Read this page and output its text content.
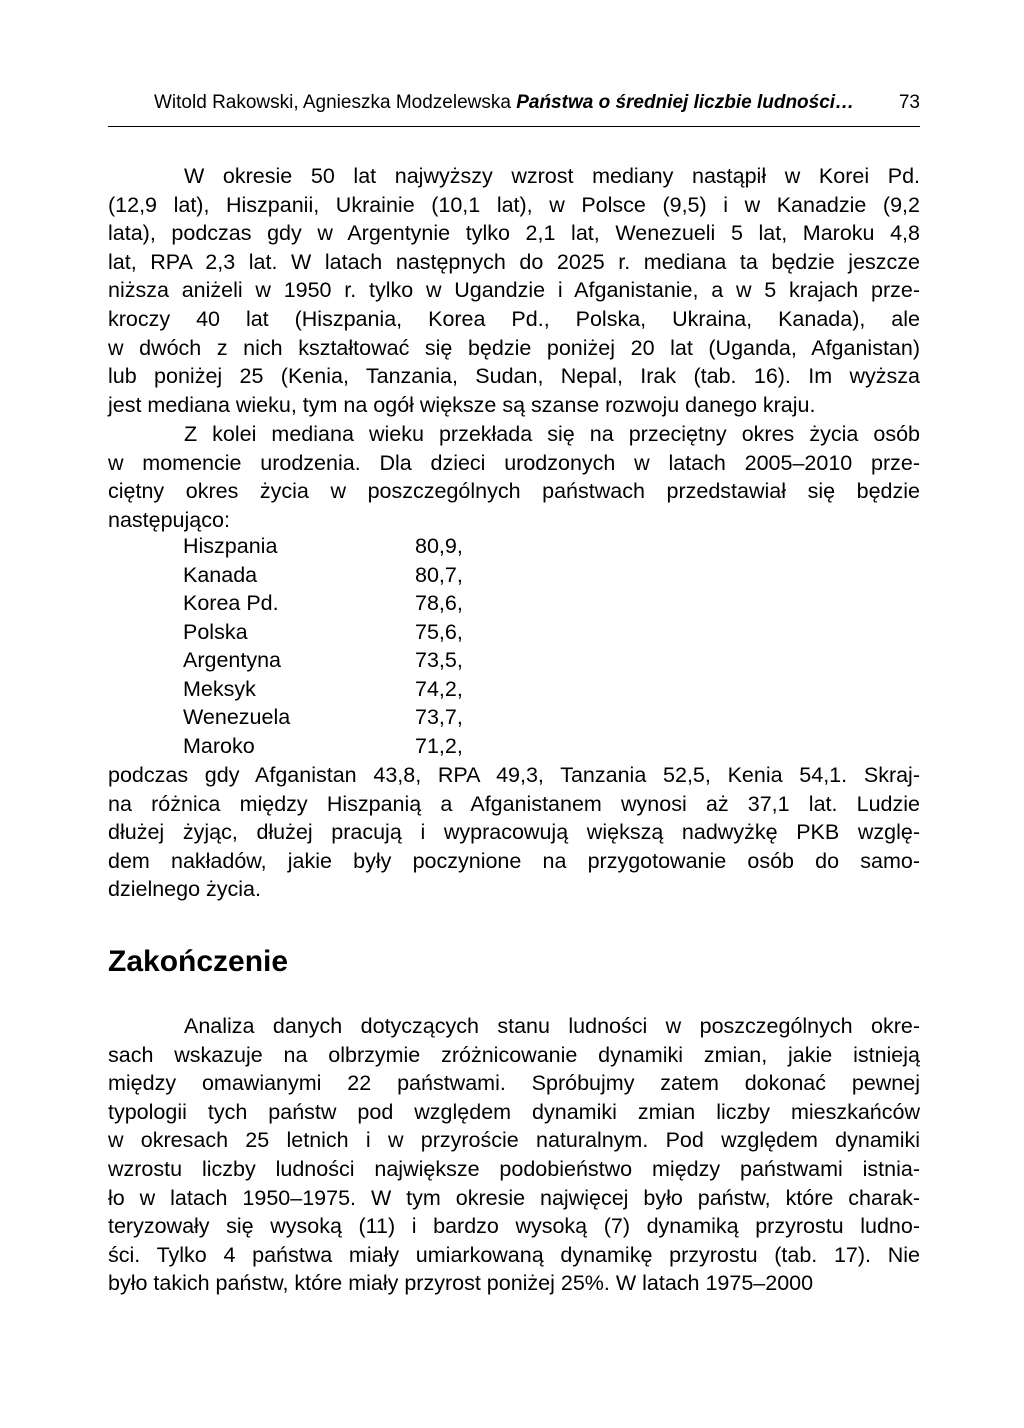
Witold Rakowski, Agnieszka Modzelewska Państwa o średniej liczbie ludności… 73
W okresie 50 lat najwyższy wzrost mediany nastąpił w Korei Pd.
(12,9 lat), Hiszpanii, Ukrainie (10,1 lat), w Polsce (9,5) i w Kanadzie (9,2
lata), podczas gdy w Argentynie tylko 2,1 lat, Wenezueli 5 lat, Maroku 4,8
lat, RPA 2,3 lat. W latach następnych do 2025 r. mediana ta będzie jeszcze
niższa aniżeli w 1950 r. tylko w Ugandzie i Afganistanie, a w 5 krajach prze-
kroczy 40 lat (Hiszpania, Korea Pd., Polska, Ukraina, Kanada), ale
w dwóch z nich kształtować się będzie poniżej 20 lat (Uganda, Afganistan)
lub poniżej 25 (Kenia, Tanzania, Sudan, Nepal, Irak (tab. 16). Im wyższa
jest mediana wieku, tym na ogół większe są szanse rozwoju danego kraju.
Z kolei mediana wieku przekłada się na przeciętny okres życia osób
w momencie urodzenia. Dla dzieci urodzonych w latach 2005–2010 prze-
ciętny okres życia w poszczególnych państwach przedstawiał się będzie
następująco:
Hiszpania	80,9,
Kanada	80,7,
Korea Pd.	78,6,
Polska	75,6,
Argentyna	73,5,
Meksyk	74,2,
Wenezuela	73,7,
Maroko	71,2,
podczas gdy Afganistan 43,8, RPA 49,3, Tanzania 52,5, Kenia 54,1. Skraj-
na różnica między Hiszpanią a Afganistanem wynosi aż 37,1 lat. Ludzie
dłużej żyjąc, dłużej pracują i wypracowują większą nadwyżkę PKB wzglę-
dem nakładów, jakie były poczynione na przygotowanie osób do samo-
dzielnego życia.
Zakończenie
Analiza danych dotyczących stanu ludności w poszczególnych okre-
sach wskazuje na olbrzymie zróżnicowanie dynamiki zmian, jakie istnieją
między omawianymi 22 państwami. Spróbujmy zatem dokonać pewnej
typologii tych państw pod względem dynamiki zmian liczby mieszkańców
w okresach 25 letnich i w przyroście naturalnym. Pod względem dynamiki
wzrostu liczby ludności największe podobieństwo między państwami istnia-
ło w latach 1950–1975. W tym okresie najwięcej było państw, które charak-
teryzowały się wysoką (11) i bardzo wysoką (7) dynamiką przyrostu ludno-
ści. Tylko 4 państwa miały umiarkowaną dynamikę przyrostu (tab. 17). Nie
było takich państw, które miały przyrost poniżej 25%. W latach 1975–2000
